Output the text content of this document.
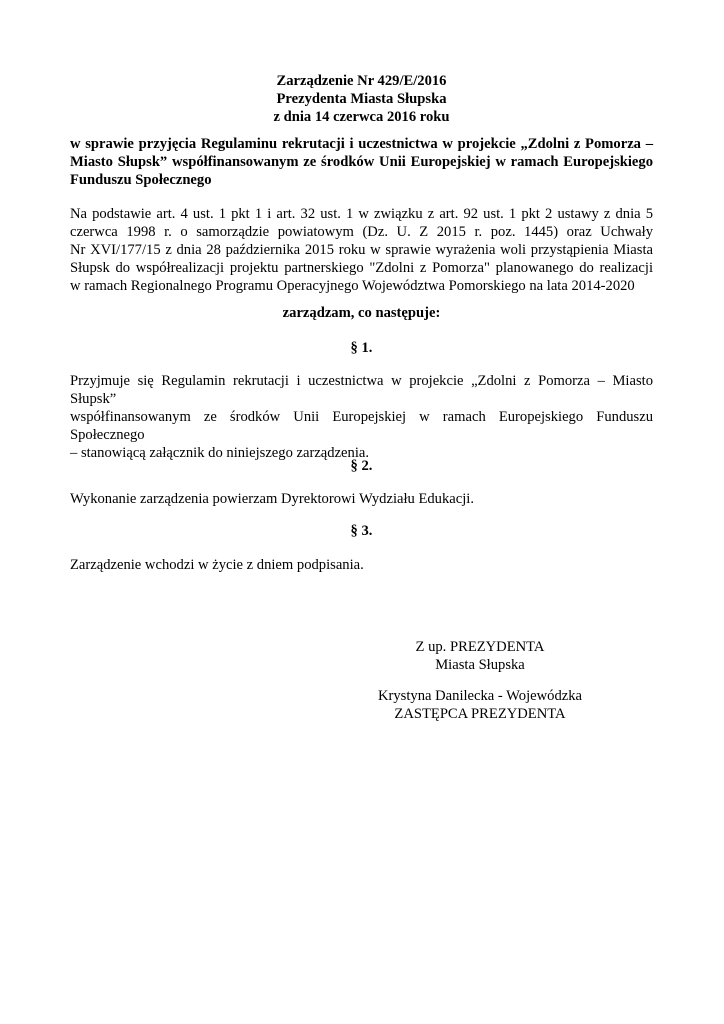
Zarządzenie Nr 429/E/2016
Prezydenta Miasta Słupska
z dnia 14 czerwca 2016 roku
w sprawie przyjęcia Regulaminu rekrutacji i uczestnictwa w projekcie „Zdolni z Pomorza –
Miasto Słupsk” współfinansowanym ze środków Unii Europejskiej w ramach Europejskiego
Funduszu Społecznego
Na podstawie art. 4 ust. 1 pkt 1 i art. 32 ust. 1 w związku z art. 92 ust. 1 pkt 2 ustawy z dnia 5
czerwca 1998 r. o samorządzie powiatowym (Dz. U. Z 2015 r. poz. 1445) oraz Uchwały
Nr XVI/177/15 z dnia 28 października 2015 roku w sprawie wyrażenia woli przystąpienia Miasta
Słupsk do współrealizacji projektu partnerskiego "Zdolni z Pomorza" planowanego do realizacji
w ramach Regionalnego Programu Operacyjnego Województwa Pomorskiego na lata 2014-2020
zarządzam, co następuje:
§ 1.
Przyjmuje się Regulamin rekrutacji i uczestnictwa w projekcie „Zdolni z Pomorza – Miasto Słupsk”
współfinansowanym ze środków Unii Europejskiej w ramach Europejskiego Funduszu Społecznego
– stanowiącą załącznik do niniejszego zarządzenia.
§ 2.
Wykonanie zarządzenia powierzam Dyrektorowi Wydziału Edukacji.
§ 3.
Zarządzenie wchodzi w życie z dniem podpisania.
Z up. PREZYDENTA
Miasta Słupska
Krystyna Danilecka - Wojewódzka
ZASTĘPCA PREZYDENTA
